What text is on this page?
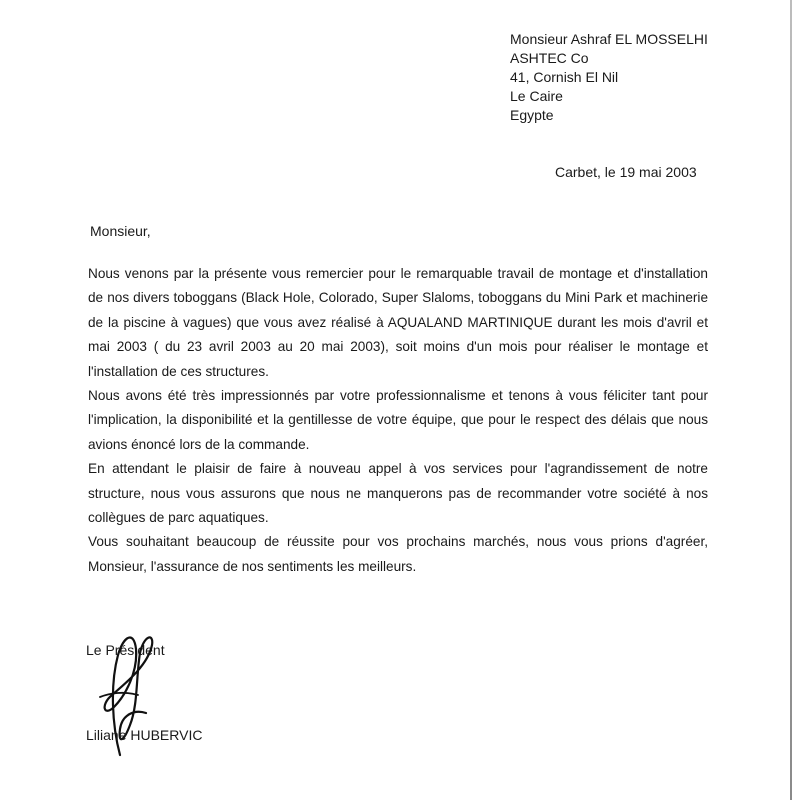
Monsieur Ashraf EL MOSSELHI
ASHTEC Co
41, Cornish El Nil
Le Caire
Egypte
Carbet, le 19 mai 2003
Monsieur,

Nous venons par la présente vous remercier pour le remarquable travail de montage et d'installation de nos divers toboggans (Black Hole, Colorado, Super Slaloms, toboggans du Mini Park et machinerie de la piscine à vagues) que vous avez réalisé à AQUALAND MARTINIQUE durant les mois d'avril et mai 2003 ( du 23 avril 2003 au 20 mai 2003), soit moins d'un mois pour réaliser le montage et l'installation de ces structures.

Nous avons été très impressionnés par votre professionnalisme et tenons à vous féliciter tant pour l'implication, la disponibilité et la gentillesse de votre équipe, que pour le respect des délais que nous avions énoncé lors de la commande.

En attendant le plaisir de faire à nouveau appel à vos services pour l'agrandissement de notre structure, nous vous assurons que nous ne manquerons pas de recommander votre société à nos collègues de parc aquatiques.

Vous souhaitant beaucoup de réussite pour vos prochains marchés, nous vous prions d'agréer, Monsieur, l'assurance de nos sentiments les meilleurs.

Le Président
Liliane HUBERVIC
